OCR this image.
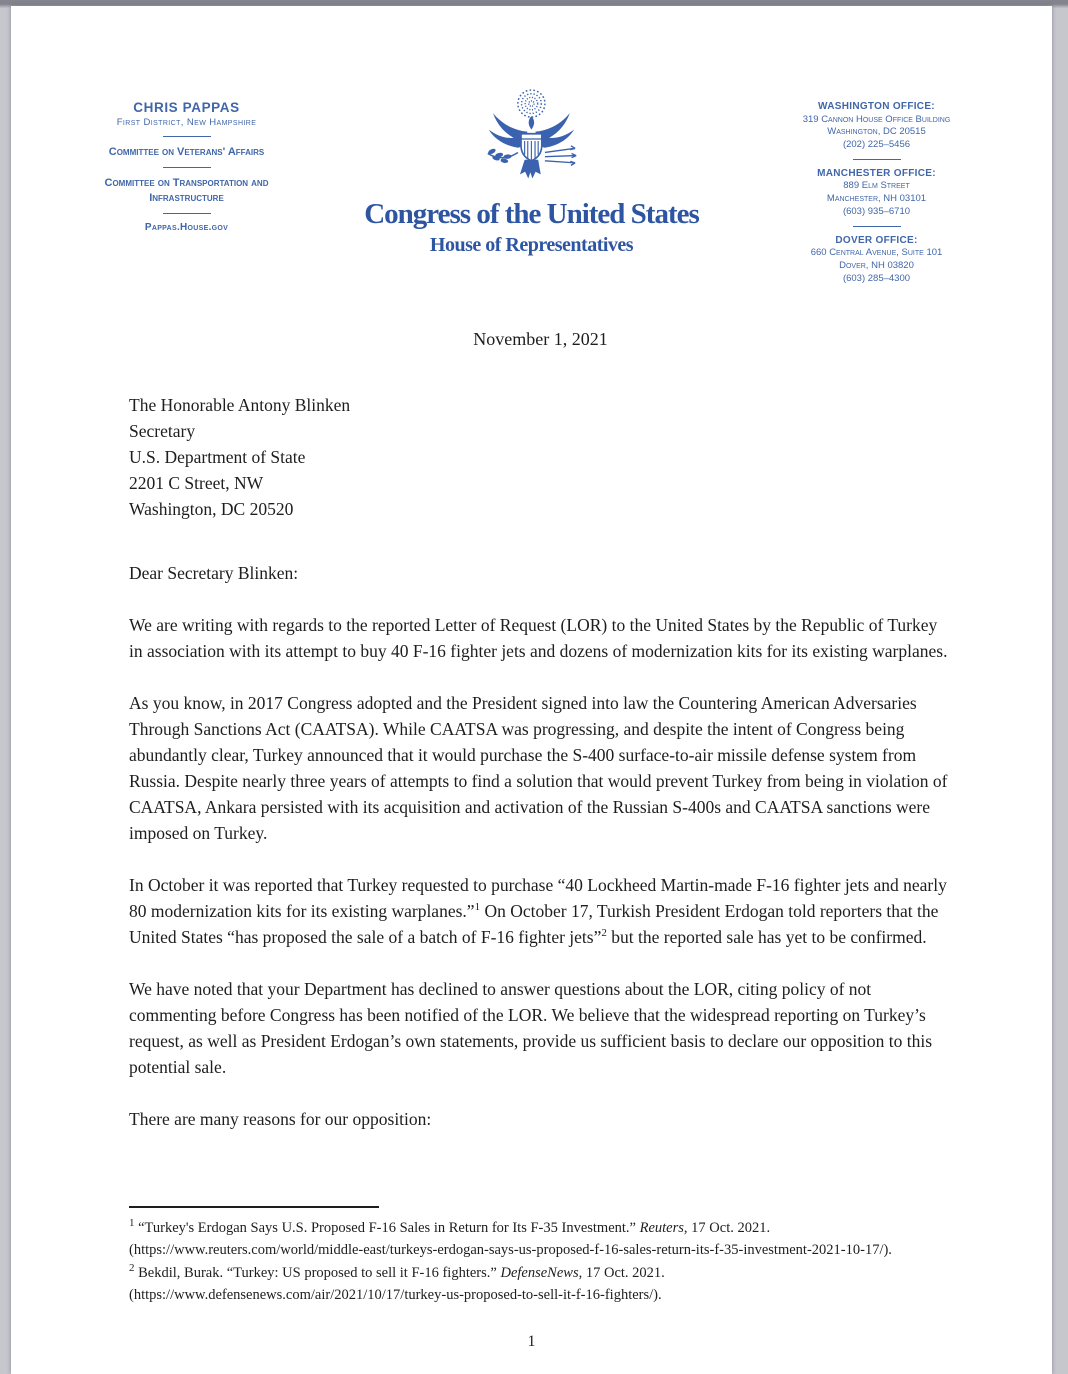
CHRIS PAPPAS
First District, New Hampshire
Committee on Veterans' Affairs
Committee on Transportation and Infrastructure
Pappas.House.gov	Congress of the United States
House of Representatives
WASHINGTON OFFICE:
319 Cannon House Office Building
Washington, DC 20515
(202) 225–5456
MANCHESTER OFFICE:
889 Elm Street
Manchester, NH 03101
(603) 935–6710
DOVER OFFICE:
660 Central Avenue, Suite 101
Dover, NH 03820
(603) 285–4300
November 1, 2021
The Honorable Antony Blinken
Secretary
U.S. Department of State
2201 C Street, NW
Washington, DC 20520
Dear Secretary Blinken:

We are writing with regards to the reported Letter of Request (LOR) to the United States by the Republic of Turkey in association with its attempt to buy 40 F-16 fighter jets and dozens of modernization kits for its existing warplanes.

As you know, in 2017 Congress adopted and the President signed into law the Countering American Adversaries Through Sanctions Act (CAATSA). While CAATSA was progressing, and despite the intent of Congress being abundantly clear, Turkey announced that it would purchase the S-400 surface-to-air missile defense system from Russia. Despite nearly three years of attempts to find a solution that would prevent Turkey from being in violation of CAATSA, Ankara persisted with its acquisition and activation of the Russian S-400s and CAATSA sanctions were imposed on Turkey.

In October it was reported that Turkey requested to purchase “40 Lockheed Martin-made F-16 fighter jets and nearly 80 modernization kits for its existing warplanes.”$^1$ On October 17, Turkish President Erdogan told reporters that the United States “has proposed the sale of a batch of F-16 fighter jets”$^2$ but the reported sale has yet to be confirmed.

We have noted that your Department has declined to answer questions about the LOR, citing policy of not commenting before Congress has been notified of the LOR. We believe that the widespread reporting on Turkey’s request, as well as President Erdogan’s own statements, provide us sufficient basis to declare our opposition to this potential sale.

There are many reasons for our opposition:

$^1$ “Turkey's Erdogan Says U.S. Proposed F-16 Sales in Return for Its F-35 Investment.” Reuters, 17 Oct. 2021. (https://www.reuters.com/world/middle-east/turkeys-erdogan-says-us-proposed-f-16-sales-return-its-f-35-investment-2021-10-17/).

$^2$ Bekdil, Burak. “Turkey: US proposed to sell it F-16 fighters.” DefenseNews, 17 Oct. 2021. (https://www.defensenews.com/air/2021/10/17/turkey-us-proposed-to-sell-it-f-16-fighters/).

1
